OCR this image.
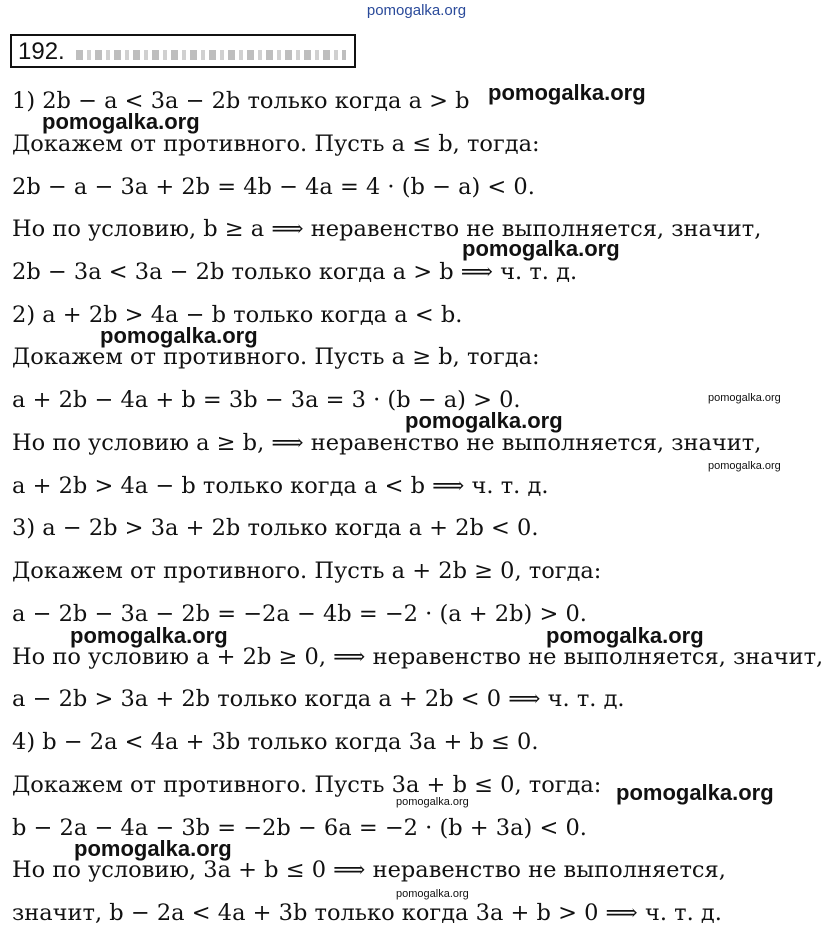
pomogalka.org
192.
1) 2b − a < 3a − 2b только когда a > b
Докажем от противного. Пусть a ≤ b, тогда:
2b − a − 3a + 2b = 4b − 4a = 4 · (b − a) < 0.
Но по условию, b ≥ a ⟹ неравенство не выполняется, значит,
2b − 3a < 3a − 2b только когда a > b ⟹ ч. т. д.
2) a + 2b > 4a − b только когда a < b.
Докажем от противного. Пусть a ≥ b, тогда:
a + 2b − 4a + b = 3b − 3a = 3 · (b − a) > 0.
Но по условию a ≥ b, ⟹ неравенство не выполняется, значит,
a + 2b > 4a − b только когда a < b ⟹ ч. т. д.
3) a − 2b > 3a + 2b только когда a + 2b < 0.
Докажем от противного. Пусть a + 2b ≥ 0, тогда:
a − 2b − 3a − 2b = −2a − 4b = −2 · (a + 2b) > 0.
Но по условию a + 2b ≥ 0, ⟹ неравенство не выполняется, значит,
a − 2b > 3a + 2b только когда a + 2b < 0 ⟹ ч. т. д.
4) b − 2a < 4a + 3b только когда 3a + b ≤ 0.
Докажем от противного. Пусть 3a + b ≤ 0, тогда:
b − 2a − 4a − 3b = −2b − 6a = −2 · (b + 3a) < 0.
Но по условию, 3a + b ≤ 0 ⟹ неравенство не выполняется,
значит, b − 2a < 4a + 3b только когда 3a + b > 0 ⟹ ч. т. д.
pomogalka.org
pomogalka.org
pomogalka.org
pomogalka.org
pomogalka.org
pomogalka.org
pomogalka.org
pomogalka.org	pomogalka.org
pomogalka.org
pomogalka.org
pomogalka.org
pomogalka.org
